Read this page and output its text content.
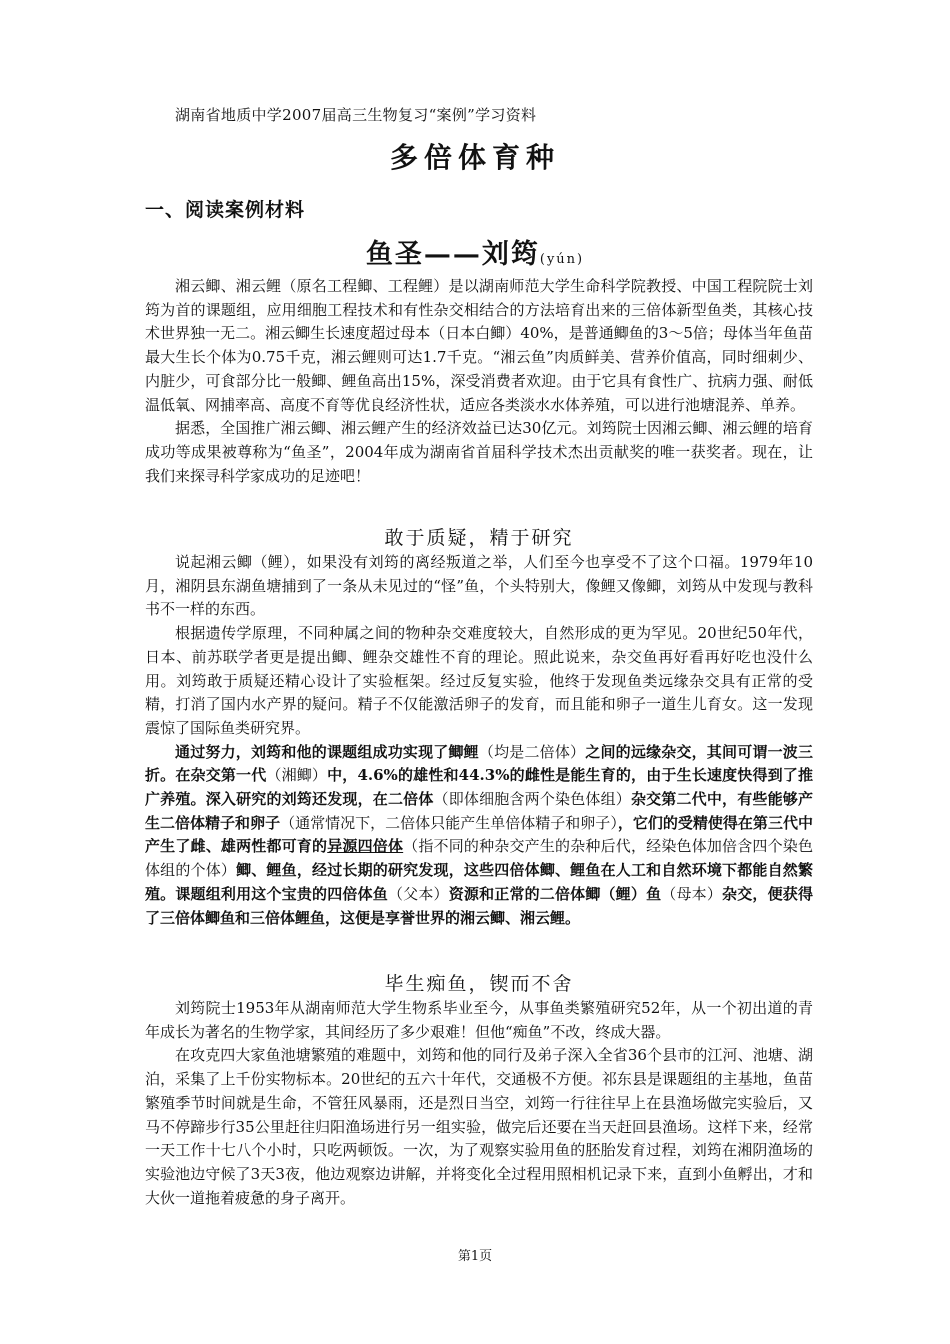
湖南省地质中学2007届高三生物复习“案例”学习资料
多倍体育种
一、阅读案例材料
鱼圣——刘筠(yún)

湘云鲫、湘云鲤（原名工程鲫、工程鲤）是以湖南师范大学生命科学院教授、中国工程院院士刘筠为首的课题组，应用细胞工程技术和有性杂交相结合的方法培育出来的三倍体新型鱼类，其核心技术世界独一无二。湘云鲫生长速度超过母本（日本白鲫）40%，是普通鲫鱼的3～5倍；母体当年鱼苗最大生长个体为0.75千克，湘云鲤则可达1.7千克。“湘云鱼”肉质鲜美、营养价值高，同时细刺少、内脏少，可食部分比一般鲫、鲤鱼高出15%，深受消费者欢迎。由于它具有食性广、抗病力强、耐低温低氧、网捕率高、高度不育等优良经济性状，适应各类淡水水体养殖，可以进行池塘混养、单养。

据悉，全国推广湘云鲫、湘云鲤产生的经济效益已达30亿元。刘筠院士因湘云鲫、湘云鲤的培育成功等成果被尊称为“鱼圣”，2004年成为湖南省首届科学技术杰出贡献奖的唯一获奖者。现在，让我们来探寻科学家成功的足迹吧！

敢于质疑，精于研究

说起湘云鲫（鲤），如果没有刘筠的离经叛道之举，人们至今也享受不了这个口福。1979年10月，湘阴县东湖鱼塘捕到了一条从未见过的“怪”鱼，个头特别大，像鲤又像鲫，刘筠从中发现与教科书不一样的东西。

根据遗传学原理，不同种属之间的物种杂交难度较大，自然形成的更为罕见。20世纪50年代，日本、前苏联学者更是提出鲫、鲤杂交雄性不育的理论。照此说来，杂交鱼再好看再好吃也没什么用。刘筠敢于质疑还精心设计了实验框架。经过反复实验，他终于发现鱼类远缘杂交具有正常的受精，打消了国内水产界的疑问。精子不仅能激活卵子的发育，而且能和卵子一道生儿育女。这一发现震惊了国际鱼类研究界。

通过努力，刘筠和他的课题组成功实现了鲫鲤（均是二倍体）之间的远缘杂交，其间可谓一波三折。在杂交第一代（湘鲫）中，4.6%的雄性和44.3%的雌性是能生育的，由于生长速度快得到了推广养殖。深入研究的刘筠还发现，在二倍体（即体细胞含两个染色体组）杂交第二代中，有些能够产生二倍体精子和卵子（通常情况下，二倍体只能产生单倍体精子和卵子），它们的受精使得在第三代中产生了雌、雄两性都可育的异源四倍体（指不同的种杂交产生的杂种后代，经染色体加倍含四个染色体组的个体）鲫、鲤鱼，经过长期的研究发现，这些四倍体鲫、鲤鱼在人工和自然环境下都能自然繁殖。课题组利用这个宝贵的四倍体鱼（父本）资源和正常的二倍体鲫（鲤）鱼（母本）杂交，便获得了三倍体鲫鱼和三倍体鲤鱼，这便是享誉世界的湘云鲫、湘云鲤。

毕生痴鱼，锲而不舍

刘筠院士1953年从湖南师范大学生物系毕业至今，从事鱼类繁殖研究52年，从一个初出道的青年成长为著名的生物学家，其间经历了多少艰难！但他“痴鱼”不改，终成大器。

在攻克四大家鱼池塘繁殖的难题中，刘筠和他的同行及弟子深入全省36个县市的江河、池塘、湖泊，采集了上千份实物标本。20世纪的五六十年代，交通极不方便。祁东县是课题组的主基地，鱼苗繁殖季节时间就是生命，不管狂风暴雨，还是烈日当空，刘筠一行往往早上在县渔场做完实验后，又马不停蹄步行35公里赶往归阳渔场进行另一组实验，做完后还要在当天赶回县渔场。这样下来，经常一天工作十七八个小时，只吃两顿饭。一次，为了观察实验用鱼的胚胎发育过程，刘筠在湘阴渔场的实验池边守候了3天3夜，他边观察边讲解，并将变化全过程用照相机记录下来，直到小鱼孵出，才和大伙一道拖着疲惫的身子离开。

第1页
